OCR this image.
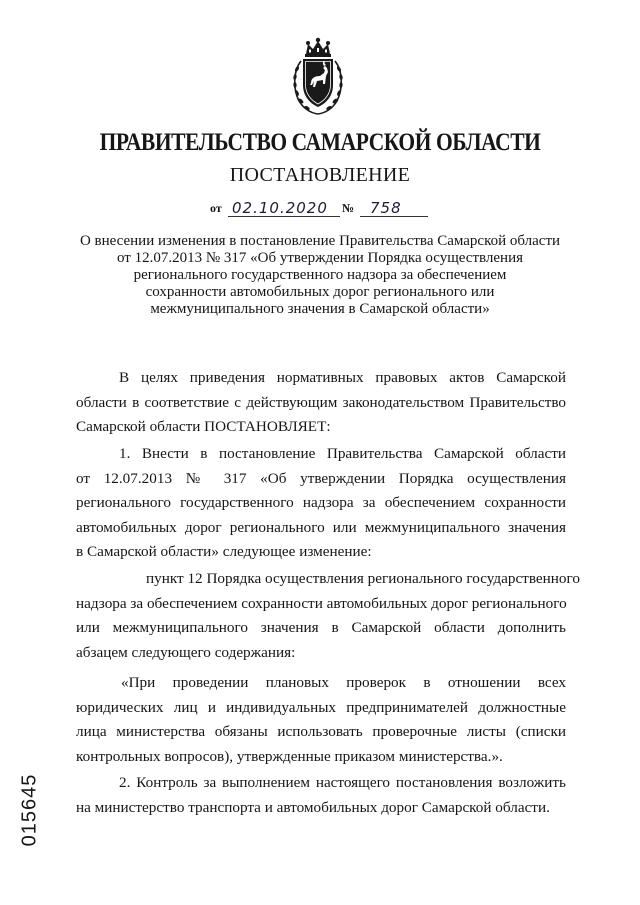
ПРАВИТЕЛЬСТВО САМАРСКОЙ ОБЛАСТИ
ПОСТАНОВЛЕНИЕ
от 02.10.2020 № 758
О внесении изменения в постановление Правительства Самарской области
от 12.07.2013 № 317 «Об утверждении Порядка осуществления
регионального государственного надзора за обеспечением
сохранности автомобильных дорог регионального или
межмуниципального значения в Самарской области»
В целях приведения нормативных правовых актов Самарской
области в соответствие с действующим законодательством Правительство
Самарской области ПОСТАНОВЛЯЕТ:
1. Внести в постановление Правительства Самарской области
от 12.07.2013 № 317 «Об утверждении Порядка осуществления
регионального государственного надзора за обеспечением сохранности
автомобильных дорог регионального или межмуниципального значения
в Самарской области» следующее изменение:
пункт 12 Порядка осуществления регионального государственного
надзора за обеспечением сохранности автомобильных дорог регионального
или межмуниципального значения в Самарской области дополнить
абзацем следующего содержания:
«При проведении плановых проверок в отношении всех
юридических лиц и индивидуальных предпринимателей должностные
лица министерства обязаны использовать проверочные листы (списки
контрольных вопросов), утвержденные приказом министерства.».
2. Контроль за выполнением настоящего постановления возложить
на министерство транспорта и автомобильных дорог Самарской области.
015645
